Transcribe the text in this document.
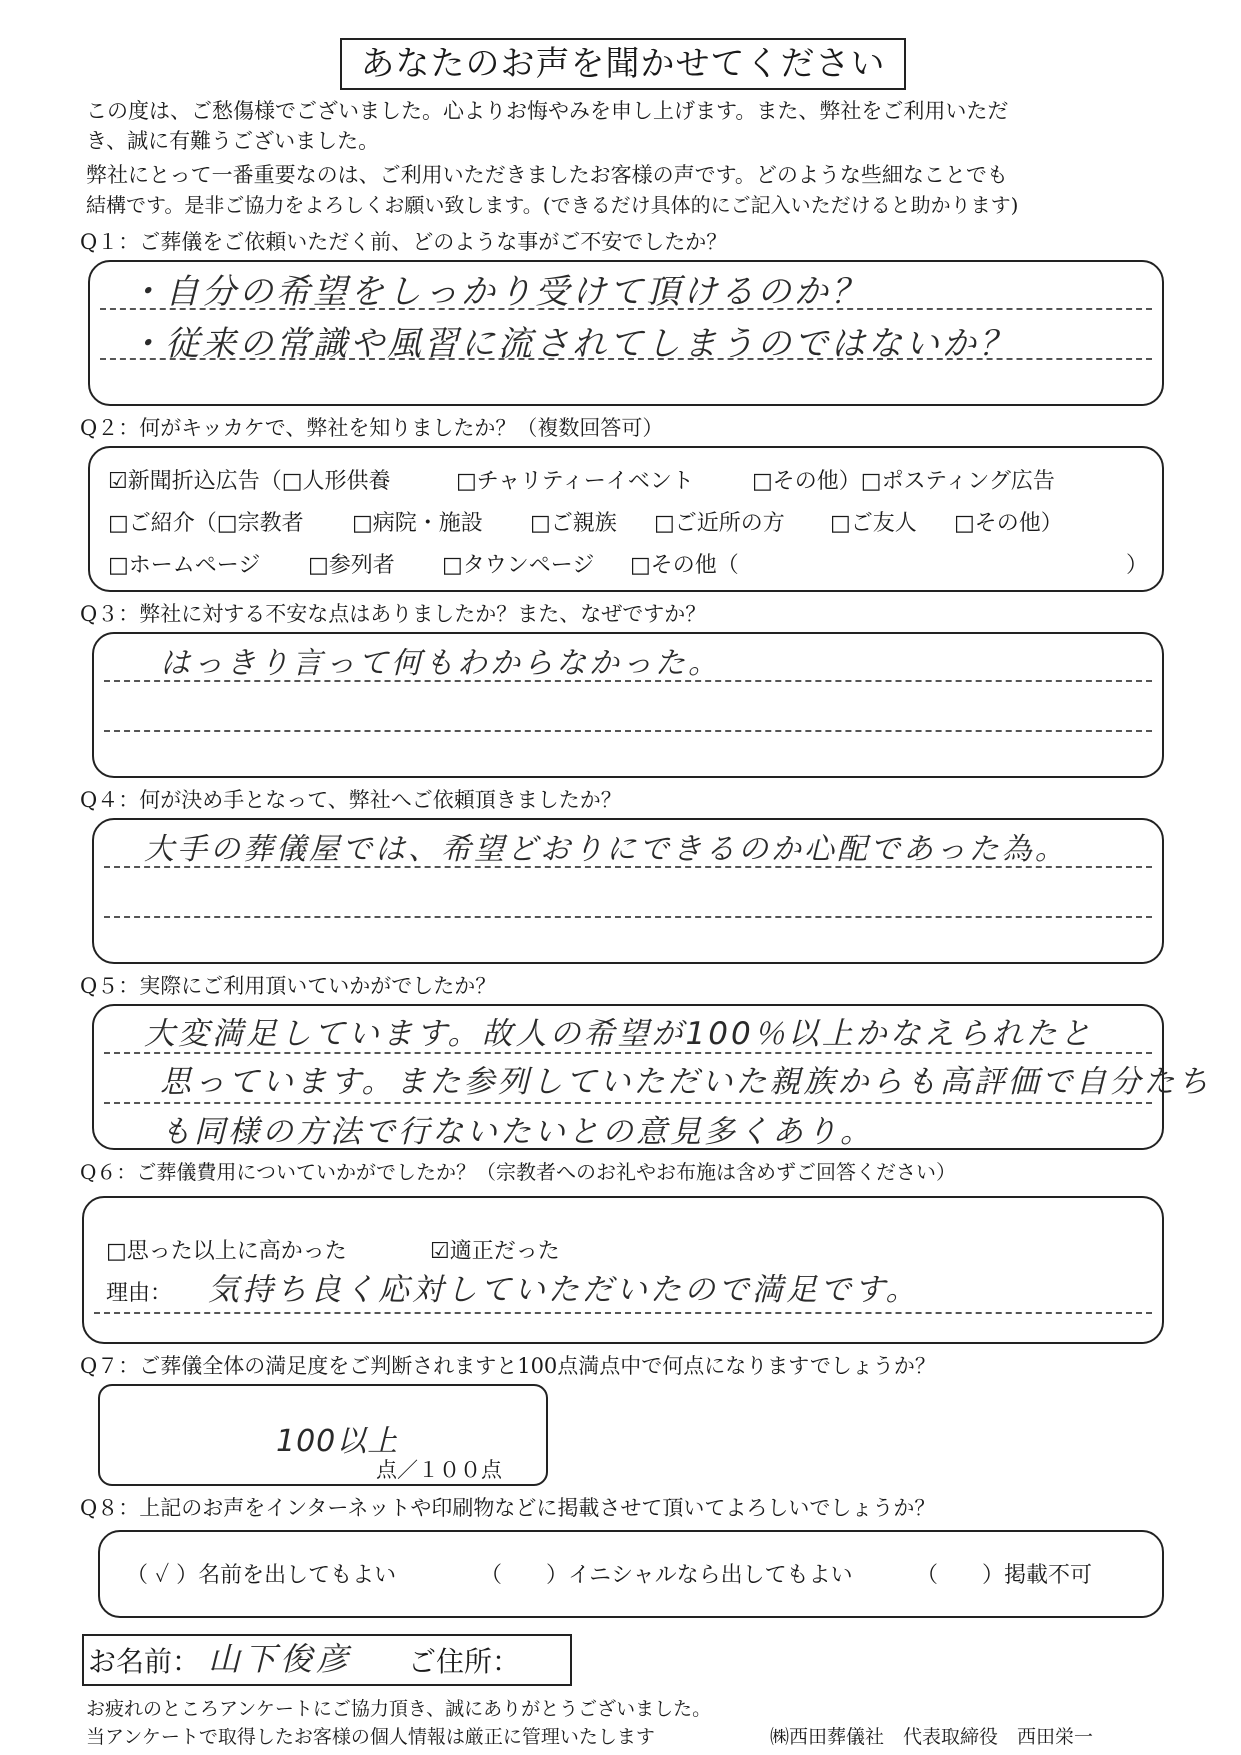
あなたのお声を聞かせてください
この度は、ご愁傷様でございました。心よりお悔やみを申し上げます。また、弊社をご利用いただ
き、誠に有難うございました。
弊社にとって一番重要なのは、ご利用いただきましたお客様の声です。どのような些細なことでも
結構です。是非ご協力をよろしくお願い致します。(できるだけ具体的にご記入いただけると助かります)
Q１：ご葬儀をご依頼いただく前、どのような事がご不安でしたか？
・自分の希望をしっかり受けて頂けるのか？
・従来の常識や風習に流されてしまうのではないか？
Q２：何がキッカケで、弊社を知りましたか？（複数回答可）
☑新聞折込広告（□人形供養	□チャリティーイベント	□その他）□ポスティング広告
□ご紹介（□宗教者 □病院・施設 □ご親族 □ご近所の方 □ご友人 □その他）
□ホームページ □参列者 □タウンページ □その他（	）
Q３：弊社に対する不安な点はありましたか？また、なぜですか？
はっきり言って何もわからなかった。
Q４：何が決め手となって、弊社へご依頼頂きましたか？
大手の葬儀屋では、希望どおりにできるのか心配であった為。
Q５：実際にご利用頂いていかがでしたか？
大変満足しています。故人の希望が100％以上かなえられたと
思っています。また参列していただいた親族からも高評価で自分たち
も同様の方法で行ないたいとの意見多くあり。
Q６：ご葬儀費用についていかがでしたか？（宗教者へのお礼やお布施は含めずご回答ください）
□思った以上に高かった	☑適正だった
理由： 気持ち良く応対していただいたので満足です。
Q７：ご葬儀全体の満足度をご判断されますと100点満点中で何点になりますでしょうか？
100以上
点／１００点
Q８：上記のお声をインターネットや印刷物などに掲載させて頂いてよろしいでしょうか？
（ ✓ ）名前を出してもよい	（　　）イニシャルなら出してもよい	（　　）掲載不可
お名前： 山下俊彦 ご住所：
お疲れのところアンケートにご協力頂き、誠にありがとうございました。
当アンケートで取得したお客様の個人情報は厳正に管理いたします	㈱西田葬儀社　代表取締役　西田栄一
